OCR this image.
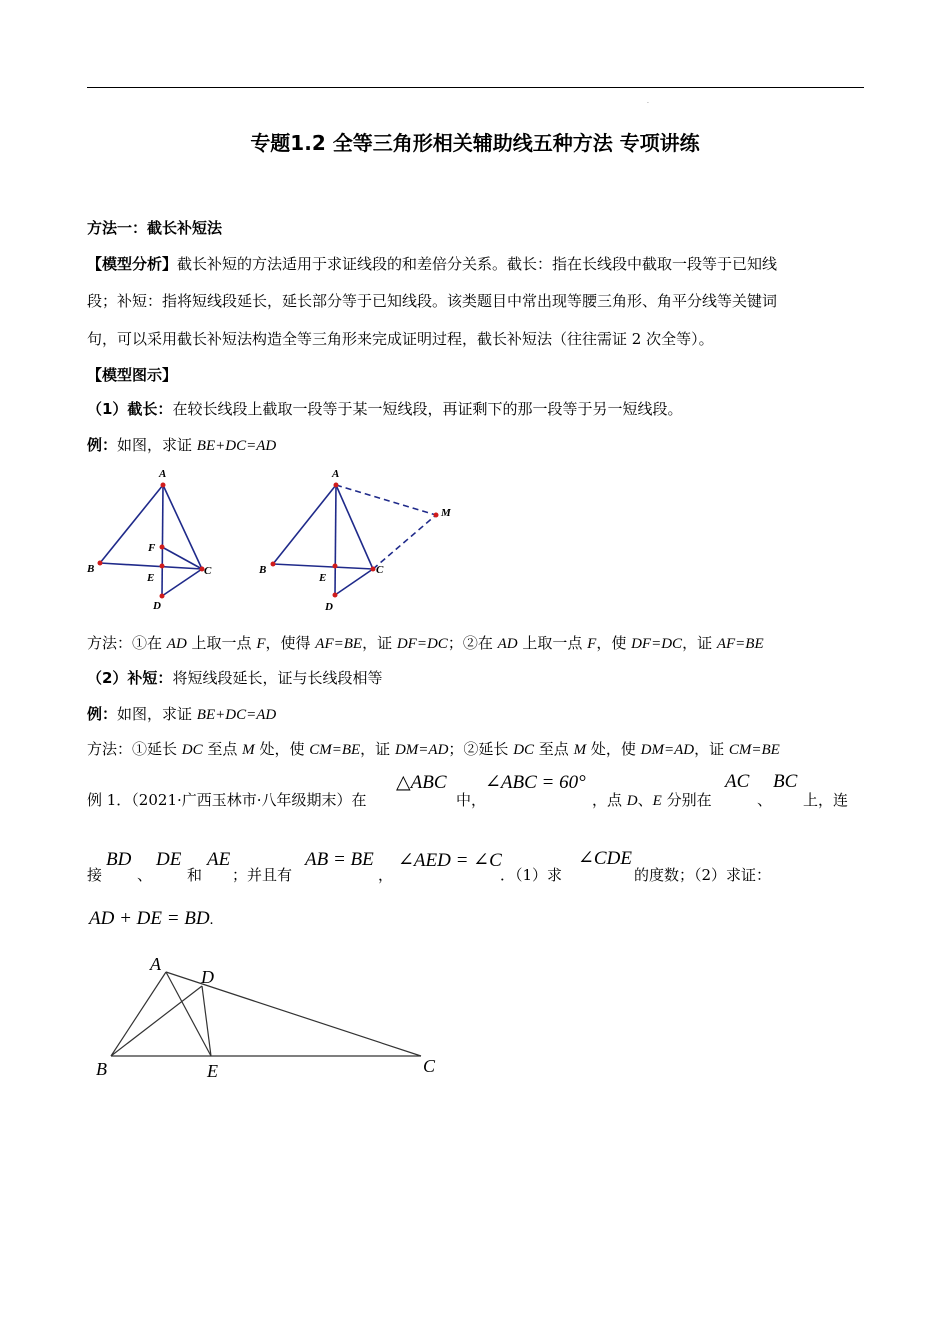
.
专题1.2 全等三角形相关辅助线五种方法 专项讲练
方法一：截长补短法
【模型分析】截长补短的方法适用于求证线段的和差倍分关系。截长：指在长线段中截取一段等于已知线
段；补短：指将短线段延长，延长部分等于已知线段。该类题目中常出现等腰三角形、角平分线等关键词
句，可以采用截长补短法构造全等三角形来完成证明过程，截长补短法（往往需证 2 次全等）。
【模型图示】
（1）截长：在较长线段上截取一段等于某一短线段，再证剩下的那一段等于另一短线段。
例：如图，求证 BE+DC=AD
A
B	C
F
E
D
A
B	C
E
D
M
方法：①在 AD 上取一点 F，使得 AF=BE，证 DF=DC；②在 AD 上取一点 F，使 DF=DC，证 AF=BE
（2）补短：将短线段延长，证与长线段相等
例：如图，求证 BE+DC=AD
方法：①延长 DC 至点 M 处，使 CM=BE，证 DM=AD；②延长 DC 至点 M 处，使 DM=AD，证 CM=BE
例 1．（2021·广西玉林市·八年级期末）在
△ABC
中，
∠ABC = 60°
，点 D、E 分别在
AC
、
BC
上，连
接
BD
、
DE
和
AE
；并且有
AB = BE
，
∠AED = ∠C
．（1）求
∠CDE
的度数；（2）求证：
AD + DE = BD.
A
D
B	E	C
